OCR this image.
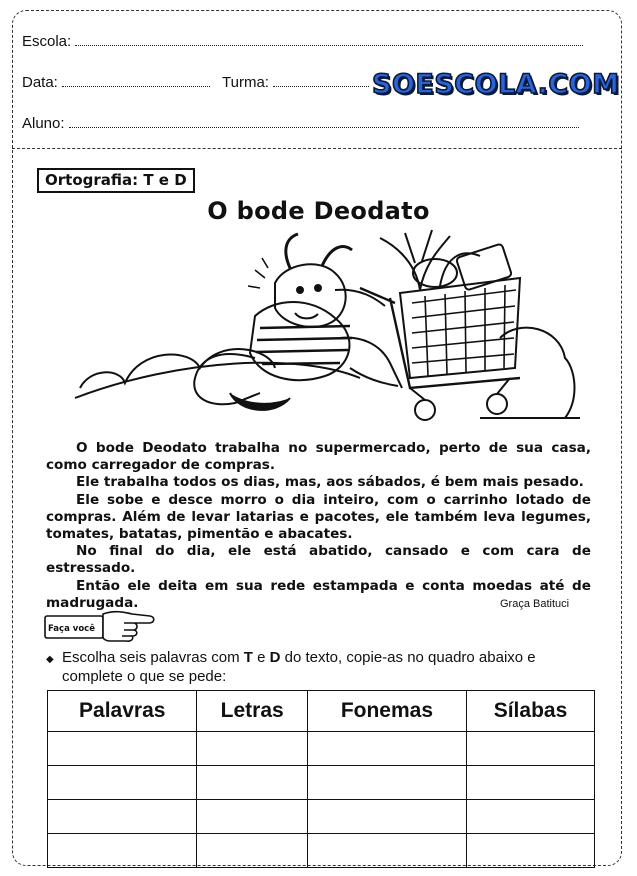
Escola:
Data:	Turma:	SOESCOLA.COM
Aluno:
Ortografia: T e D
O bode Deodato

O bode Deodato trabalha no supermercado, perto de sua casa, como carregador de compras.

Ele trabalha todos os dias, mas, aos sábados, é bem mais pesado.

Ele sobe e desce morro o dia inteiro, com o carrinho lotado de compras. Além de levar latarias e pacotes, ele também leva legumes, tomates, batatas, pimentão e abacates.

No final do dia, ele está abatido, cansado e com cara de estressado.

Então ele deita em sua rede estampada e conta moedas até de madrugada.	Graça Batituci
Faça você
◆ Escolha seis palavras com T e D do texto, copie-as no quadro abaixo e complete o que se pede:
Palavras	Letras	Fonemas	Sílabas
